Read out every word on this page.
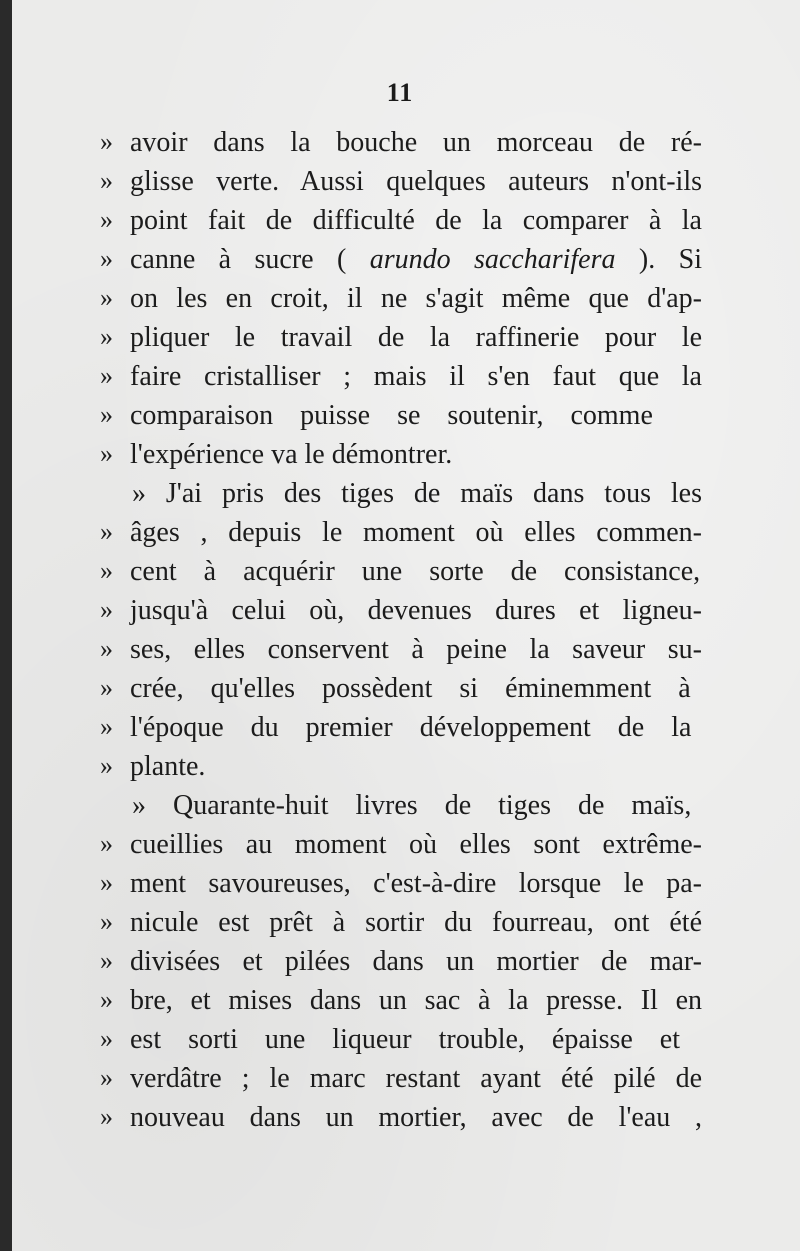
11
» avoir dans la bouche un morceau de ré-
» glisse verte. Aussi quelques auteurs n'ont-ils
» point fait de difficulté de la comparer à la
» canne à sucre ( arundo saccharifera ). Si
» on les en croit, il ne s'agit même que d'ap-
» pliquer le travail de la raffinerie pour le
» faire cristalliser ; mais il s'en faut que la
» comparaison puisse se soutenir, comme
» l'expérience va le démontrer.
» J'ai pris des tiges de maïs dans tous les
» âges , depuis le moment où elles commen-
» cent à acquérir une sorte de consistance,
» jusqu'à celui où, devenues dures et ligneu-
» ses, elles conservent à peine la saveur su-
» crée, qu'elles possèdent si éminemment à
» l'époque du premier développement de la
» plante.
» Quarante-huit livres de tiges de maïs,
» cueillies au moment où elles sont extrême-
» ment savoureuses, c'est-à-dire lorsque le pa-
» nicule est prêt à sortir du fourreau, ont été
» divisées et pilées dans un mortier de mar-
» bre, et mises dans un sac à la presse. Il en
» est sorti une liqueur trouble, épaisse et
» verdâtre ; le marc restant ayant été pilé de
» nouveau dans un mortier, avec de l'eau ,
